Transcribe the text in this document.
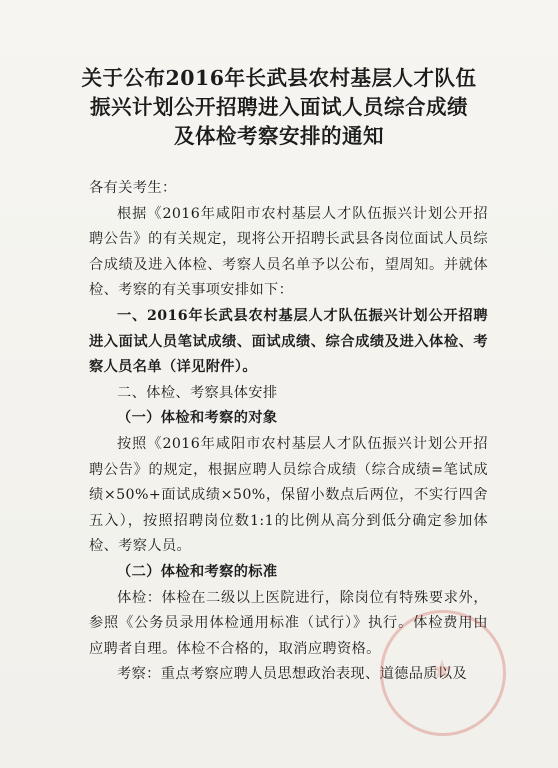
关于公布2016年长武县农村基层人才队伍
振兴计划公开招聘进入面试人员综合成绩
及体检考察安排的通知

各有关考生：

根据《2016年咸阳市农村基层人才队伍振兴计划公开招聘公告》的有关规定，现将公开招聘长武县各岗位面试人员综合成绩及进入体检、考察人员名单予以公布，望周知。并就体检、考察的有关事项安排如下：

一、2016年长武县农村基层人才队伍振兴计划公开招聘进入面试人员笔试成绩、面试成绩、综合成绩及进入体检、考察人员名单（详见附件）。

二、体检、考察具体安排

（一）体检和考察的对象

按照《2016年咸阳市农村基层人才队伍振兴计划公开招聘公告》的规定，根据应聘人员综合成绩（综合成绩=笔试成绩×50%+面试成绩×50%，保留小数点后两位，不实行四舍五入），按照招聘岗位数1:1的比例从高分到低分确定参加体检、考察人员。

（二）体检和考察的标准

体检：体检在二级以上医院进行，除岗位有特殊要求外，参照《公务员录用体检通用标准（试行）》执行。体检费用由应聘者自理。体检不合格的，取消应聘资格。

考察：重点考察应聘人员思想政治表现、道德品质以及
